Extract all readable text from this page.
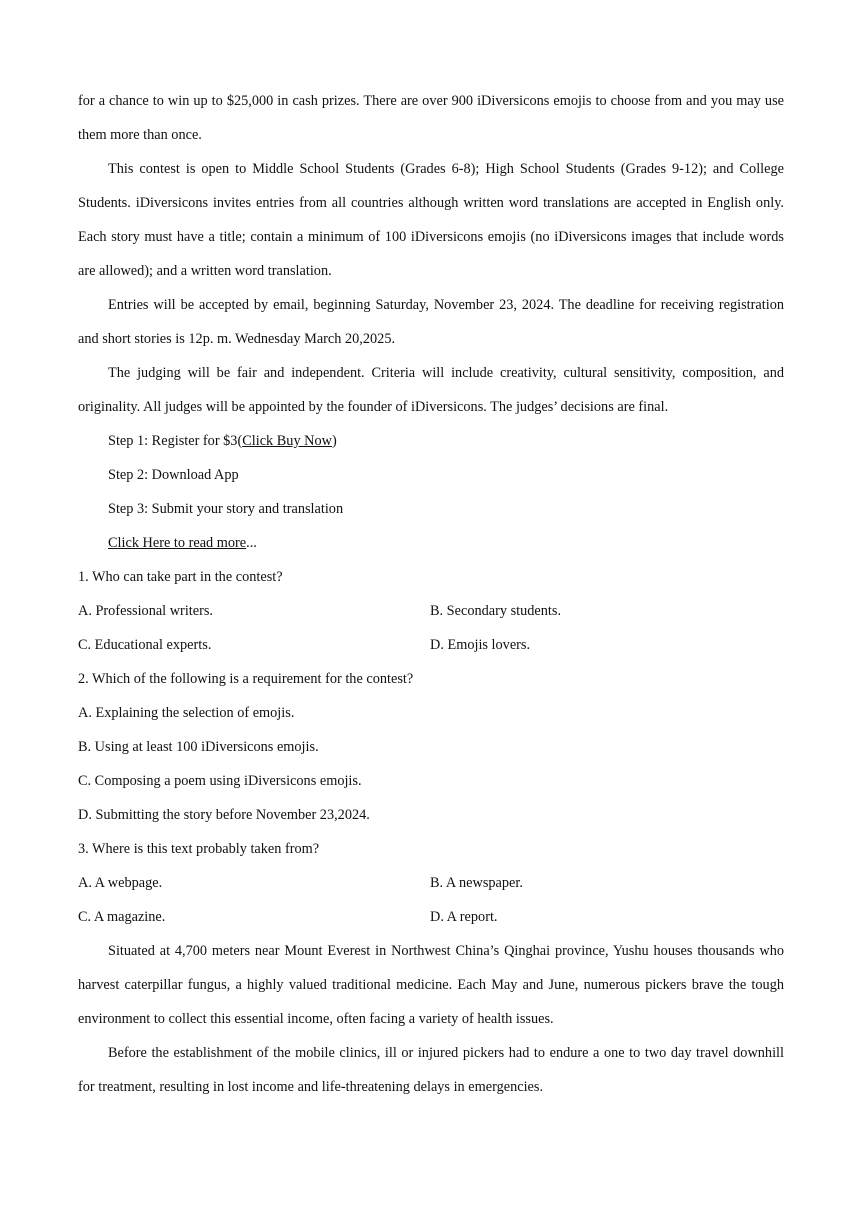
for a chance to win up to $25,000 in cash prizes. There are over 900 iDiversicons emojis to choose from and you may use them more than once.

This contest is open to Middle School Students (Grades 6-8); High School Students (Grades 9-12); and College Students. iDiversicons invites entries from all countries although written word translations are accepted in English only. Each story must have a title; contain a minimum of 100 iDiversicons emojis (no iDiversicons images that include words are allowed); and a written word translation.

Entries will be accepted by email, beginning Saturday, November 23, 2024. The deadline for receiving registration and short stories is 12p. m. Wednesday March 20,2025.

The judging will be fair and independent. Criteria will include creativity, cultural sensitivity, composition, and originality. All judges will be appointed by the founder of iDiversicons. The judges’ decisions are final.

Step 1: Register for $3(Click Buy Now)
Step 2: Download App
Step 3: Submit your story and translation
Click Here to read more...
1. Who can take part in the contest?
A. Professional writers.	B. Secondary students.
C. Educational experts.	D. Emojis lovers.
2. Which of the following is a requirement for the contest?
A. Explaining the selection of emojis.
B. Using at least 100 iDiversicons emojis.
C. Composing a poem using iDiversicons emojis.
D. Submitting the story before November 23,2024.
3. Where is this text probably taken from?
A. A webpage.	B. A newspaper.
C. A magazine.	D. A report.

Situated at 4,700 meters near Mount Everest in Northwest China’s Qinghai province, Yushu houses thousands who harvest caterpillar fungus, a highly valued traditional medicine. Each May and June, numerous pickers brave the tough environment to collect this essential income, often facing a variety of health issues.

Before the establishment of the mobile clinics, ill or injured pickers had to endure a one to two day travel downhill for treatment, resulting in lost income and life-threatening delays in emergencies.
